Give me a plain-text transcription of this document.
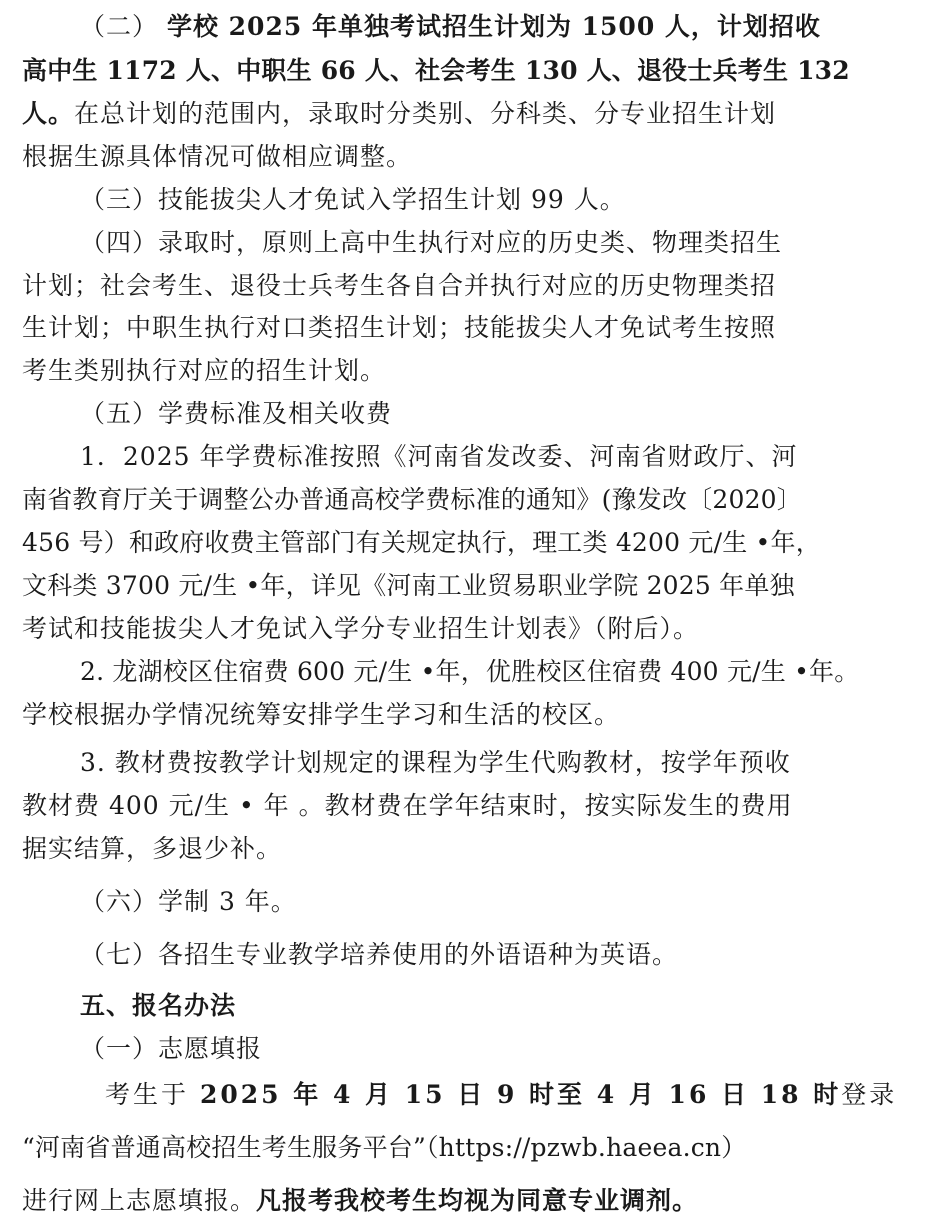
（二） 学校 2025 年单独考试招生计划为 1500 人，计划招收
高中生 1172 人、中职生 66 人、社会考生 130 人、退役士兵考生 132
人。在总计划的范围内，录取时分类别、分科类、分专业招生计划
根据生源具体情况可做相应调整。
（三）技能拔尖人才免试入学招生计划 99 人。
（四）录取时，原则上高中生执行对应的历史类、物理类招生
计划；社会考生、退役士兵考生各自合并执行对应的历史物理类招
生计划；中职生执行对口类招生计划；技能拔尖人才免试考生按照
考生类别执行对应的招生计划。
（五）学费标准及相关收费
1．2025 年学费标准按照《河南省发改委、河南省财政厅、河
南省教育厅关于调整公办普通高校学费标准的通知》(豫发改〔2020〕
456 号）和政府收费主管部门有关规定执行，理工类 4200 元/生 •年，
文科类 3700 元/生 •年，详见《河南工业贸易职业学院 2025 年单独
考试和技能拔尖人才免试入学分专业招生计划表》（附后）。
2. 龙湖校区住宿费 600 元/生 •年，优胜校区住宿费 400 元/生 •年。
学校根据办学情况统筹安排学生学习和生活的校区。
3. 教材费按教学计划规定的课程为学生代购教材，按学年预收
教材费 400 元/生 • 年 。教材费在学年结束时，按实际发生的费用
据实结算，多退少补。
（六）学制 3 年。
（七）各招生专业教学培养使用的外语语种为英语。
五、报名办法
（一）志愿填报
考生于 2025 年 4 月 15 日 9 时至 4 月 16 日 18 时登录
“河南省普通高校招生考生服务平台”（https://pzwb.haeea.cn）
进行网上志愿填报。凡报考我校考生均视为同意专业调剂。
